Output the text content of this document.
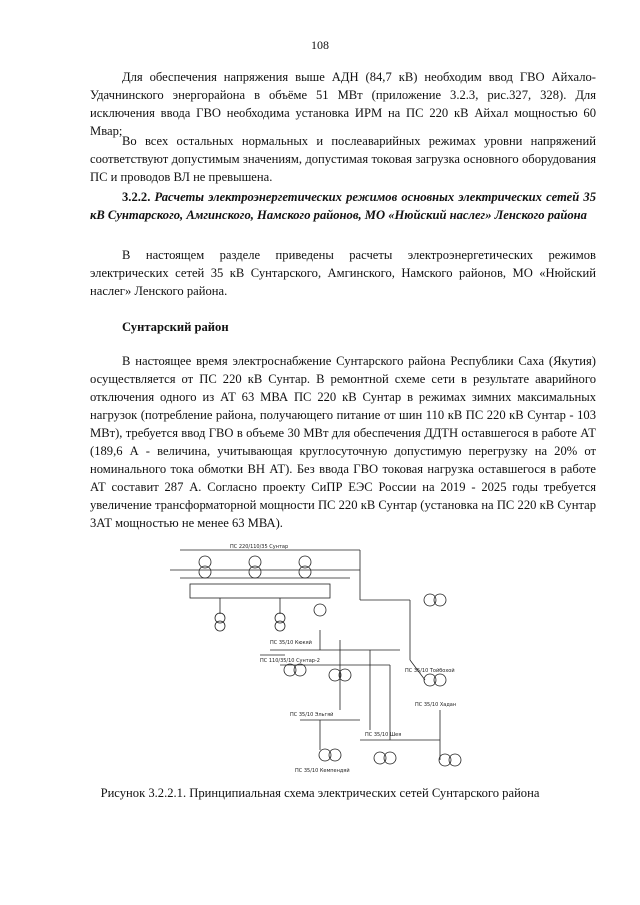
108
Для обеспечения напряжения выше АДН (84,7 кВ) необходим ввод ГВО Айхало-Удачнинского энергорайона в объёме 51 МВт (приложение 3.2.3, рис.327, 328). Для исключения ввода ГВО необходима установка ИРМ на ПС 220 кВ Айхал мощностью 60 Мвар;
Во всех остальных нормальных и послеаварийных режимах уровни напряжений соответствуют допустимым значениям, допустимая токовая загрузка основного оборудования ПС и проводов ВЛ не превышена.
3.2.2. Расчеты электроэнергетических режимов основных электрических сетей 35 кВ Сунтарского, Амгинского, Намского районов, МО «Нюйский наслег» Ленского района
В настоящем разделе приведены расчеты электроэнергетических режимов электрических сетей 35 кВ Сунтарского, Амгинского, Намского районов, МО «Нюйский наслег» Ленского района.
Сунтарский район
В настоящее время электроснабжение Сунтарского района Республики Саха (Якутия) осуществляется от ПС 220 кВ Сунтар. В ремонтной схеме сети в результате аварийного отключения одного из АТ 63 МВА ПС 220 кВ Сунтар в режимах зимних максимальных нагрузок (потребление района, получающего питание от шин 110 кВ ПС 220 кВ Сунтар - 103 МВт), требуется ввод ГВО в объеме 30 МВт для обеспечения ДДТН оставшегося в работе АТ (189,6 А - величина, учитывающая круглосуточную допустимую перегрузку на 20% от номинального тока обмотки ВН АТ). Без ввода ГВО токовая нагрузка оставшегося в работе АТ составит 287 А. Согласно проекту СиПР ЕЭС России на 2019 - 2025 годы требуется увеличение трансформаторной мощности ПС 220 кВ Сунтар (установка на ПС 220 кВ Сунтар 3АТ мощностью не менее 63 МВА).
ПС 220/110/35 Сунтар
ПС 35/10 Кюкяй
ПС 110/35/10 Сунтар-2
ПС 35/10 Тойбохой
ПС 35/10 Эльгяй
ПС 35/10 Шея
ПС 35/10 Хадан
ПС 35/10 Кемпендяй
Рисунок 3.2.2.1. Принципиальная схема электрических сетей Сунтарского района
